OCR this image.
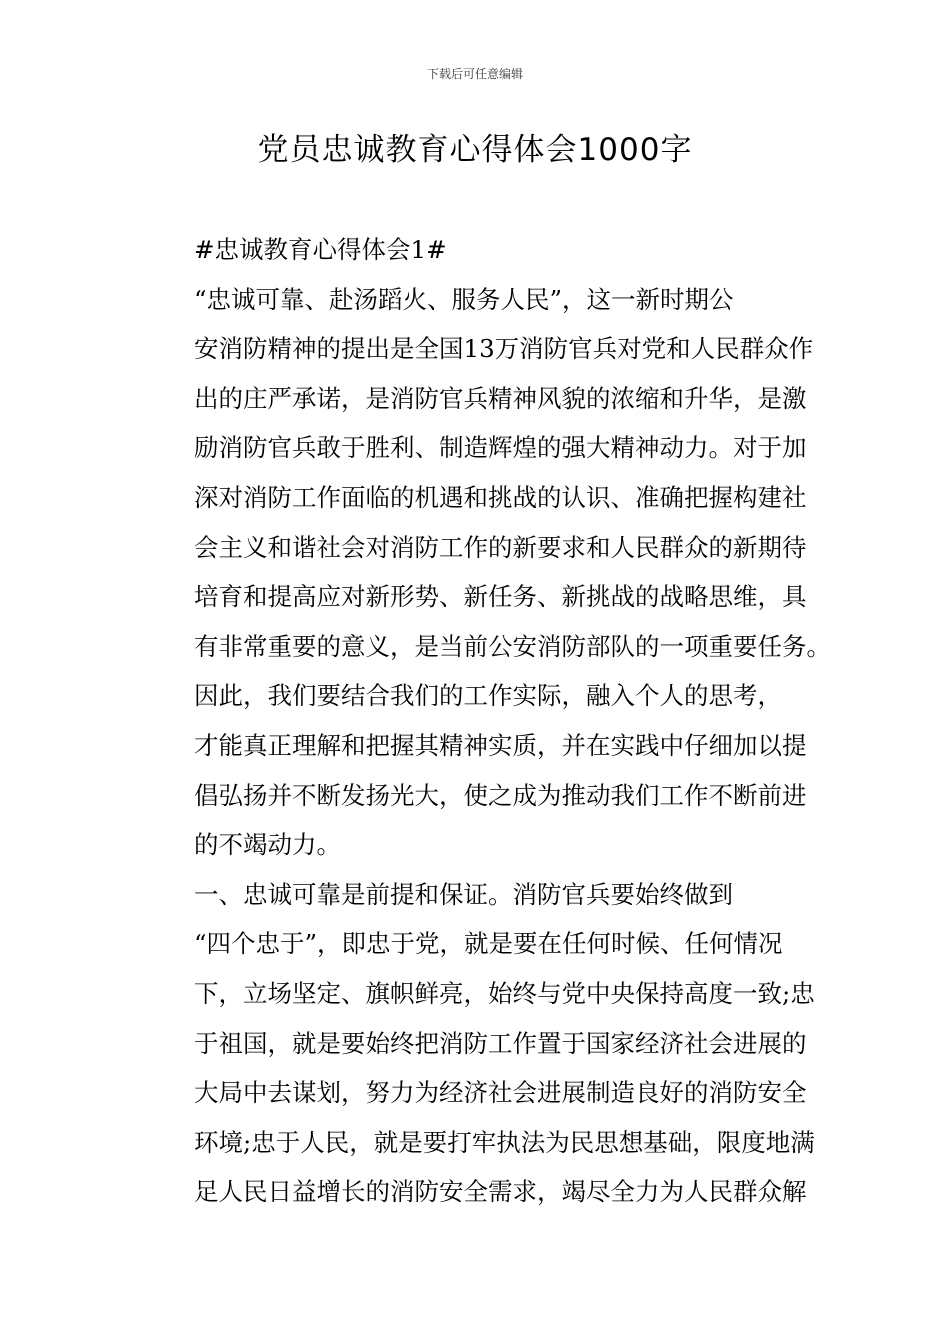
下载后可任意编辑
党员忠诚教育心得体会1000字

#忠诚教育心得体会1#

“忠诚可靠、赴汤蹈火、服务人民”，这一新时期公
安消防精神的提出是全国13万消防官兵对党和人民群众作
出的庄严承诺，是消防官兵精神风貌的浓缩和升华，是激
励消防官兵敢于胜利、制造辉煌的强大精神动力。对于加
深对消防工作面临的机遇和挑战的认识、准确把握构建社
会主义和谐社会对消防工作的新要求和人民群众的新期待
培育和提高应对新形势、新任务、新挑战的战略思维，具
有非常重要的意义，是当前公安消防部队的一项重要任务。

因此，我们要结合我们的工作实际，融入个人的思考，
才能真正理解和把握其精神实质，并在实践中仔细加以提
倡弘扬并不断发扬光大，使之成为推动我们工作不断前进
的不竭动力。

一、忠诚可靠是前提和保证。消防官兵要始终做到
“四个忠于”，即忠于党，就是要在任何时候、任何情况
下，立场坚定、旗帜鲜亮，始终与党中央保持高度一致;忠
于祖国，就是要始终把消防工作置于国家经济社会进展的
大局中去谋划，努力为经济社会进展制造良好的消防安全
环境;忠于人民，就是要打牢执法为民思想基础，限度地满
足人民日益增长的消防安全需求，竭尽全力为人民群众解
